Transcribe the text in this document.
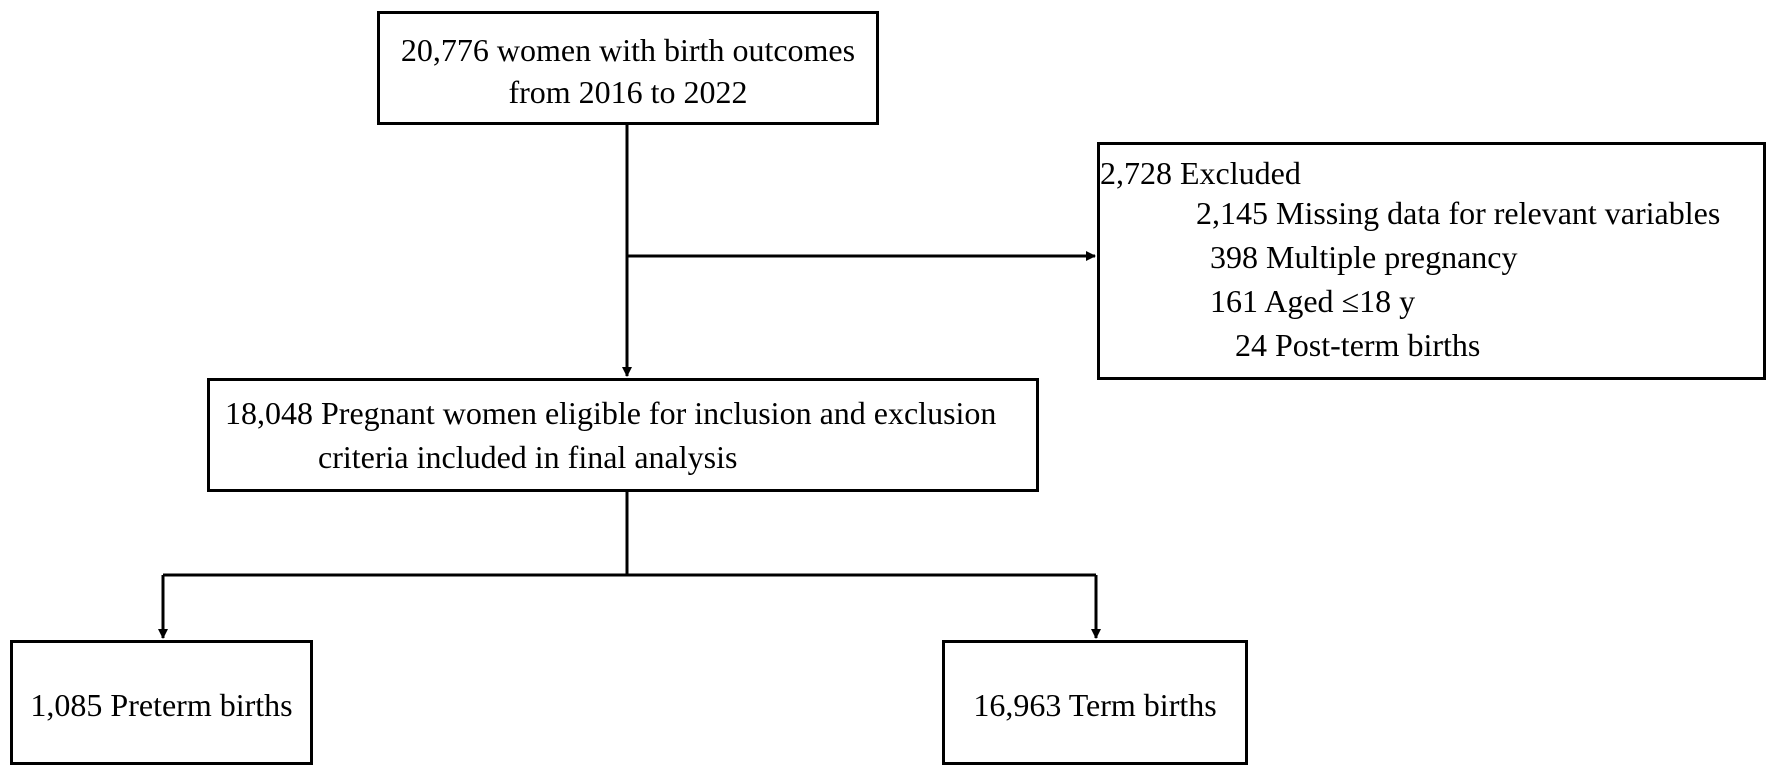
20,776 women with birth outcomes
from 2016 to 2022
2,728 Excluded
2,145 Missing data for relevant variables
398 Multiple pregnancy
161 Aged ≤18 y
24 Post-term births
18,048 Pregnant women eligible for inclusion and exclusion
criteria included in final analysis
1,085 Preterm births	16,963 Term births
